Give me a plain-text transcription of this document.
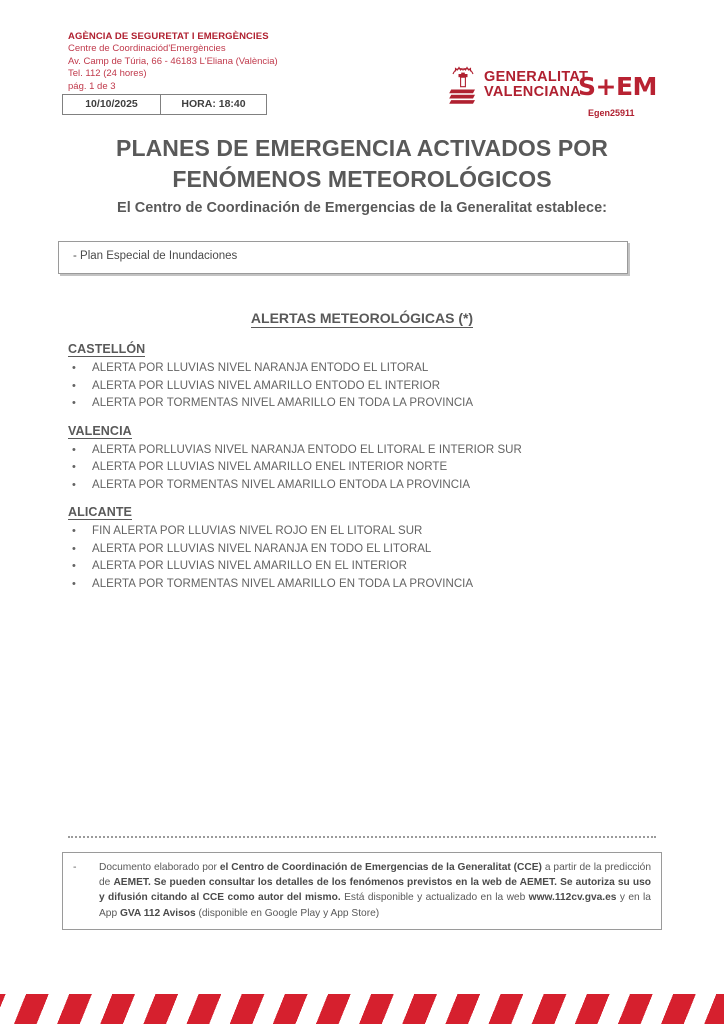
AGÈNCIA DE SEGURETAT I EMERGÈNCIES
Centre de Coordinaciód'Emergències
Av. Camp de Túria, 66 - 46183 L'Eliana (València)
Tel. 112 (24 hores)
pág. 1 de 3
10/10/2025	HORA: 18:40
GENERALITAT
VALENCIANA
S+EM
Egen25911
PLANES DE EMERGENCIA ACTIVADOS POR
FENÓMENOS METEOROLÓGICOS
El Centro de Coordinación de Emergencias de la Generalitat establece:
- Plan Especial de Inundaciones
ALERTAS METEOROLÓGICAS (*)
CASTELLÓN
• ALERTA POR LLUVIAS NIVEL NARANJA ENTODO EL LITORAL
• ALERTA POR LLUVIAS NIVEL AMARILLO ENTODO EL INTERIOR
• ALERTA POR TORMENTAS NIVEL AMARILLO EN TODA LA PROVINCIA
VALENCIA
• ALERTA PORLLUVIAS NIVEL NARANJA ENTODO EL LITORAL E INTERIOR SUR
• ALERTA POR LLUVIAS NIVEL AMARILLO ENEL INTERIOR NORTE
• ALERTA POR TORMENTAS NIVEL AMARILLO ENTODA LA PROVINCIA
ALICANTE
• FIN ALERTA POR LLUVIAS NIVEL ROJO EN EL LITORAL SUR
• ALERTA POR LLUVIAS NIVEL NARANJA EN TODO EL LITORAL
• ALERTA POR LLUVIAS NIVEL AMARILLO EN EL INTERIOR
• ALERTA POR TORMENTAS NIVEL AMARILLO EN TODA LA PROVINCIA
-	Documento elaborado por el Centro de Coordinación de Emergencias de la Generalitat (CCE) a partir de la predicción de AEMET. Se pueden consultar los detalles de los fenómenos previstos en la web de AEMET. Se autoriza su uso y difusión citando al CCE como autor del mismo. Está disponible y actualizado en la web www.112cv.gva.es y en la App GVA 112 Avisos (disponible en Google Play y App Store)
